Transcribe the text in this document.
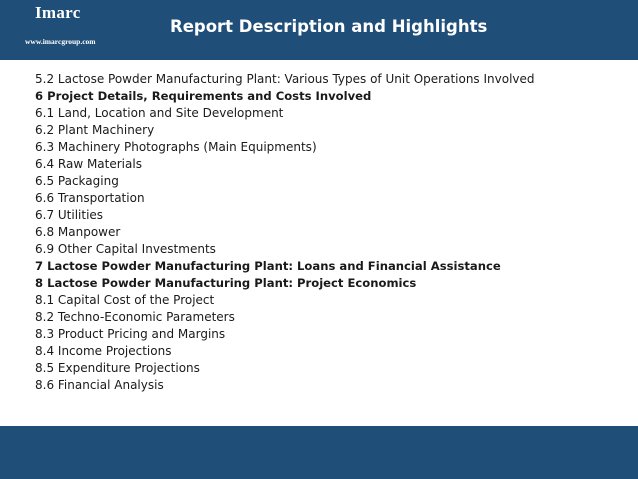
Imarc
www.imarcgroup.com
Report Description and Highlights
5.2 Lactose Powder Manufacturing Plant: Various Types of Unit Operations Involved
6 Project Details, Requirements and Costs Involved
6.1 Land, Location and Site Development
6.2 Plant Machinery
6.3 Machinery Photographs (Main Equipments)
6.4 Raw Materials
6.5 Packaging
6.6 Transportation
6.7 Utilities
6.8 Manpower
6.9 Other Capital Investments
7 Lactose Powder Manufacturing Plant: Loans and Financial Assistance
8 Lactose Powder Manufacturing Plant: Project Economics
8.1 Capital Cost of the Project
8.2 Techno-Economic Parameters
8.3 Product Pricing and Margins
8.4 Income Projections
8.5 Expenditure Projections
8.6 Financial Analysis
